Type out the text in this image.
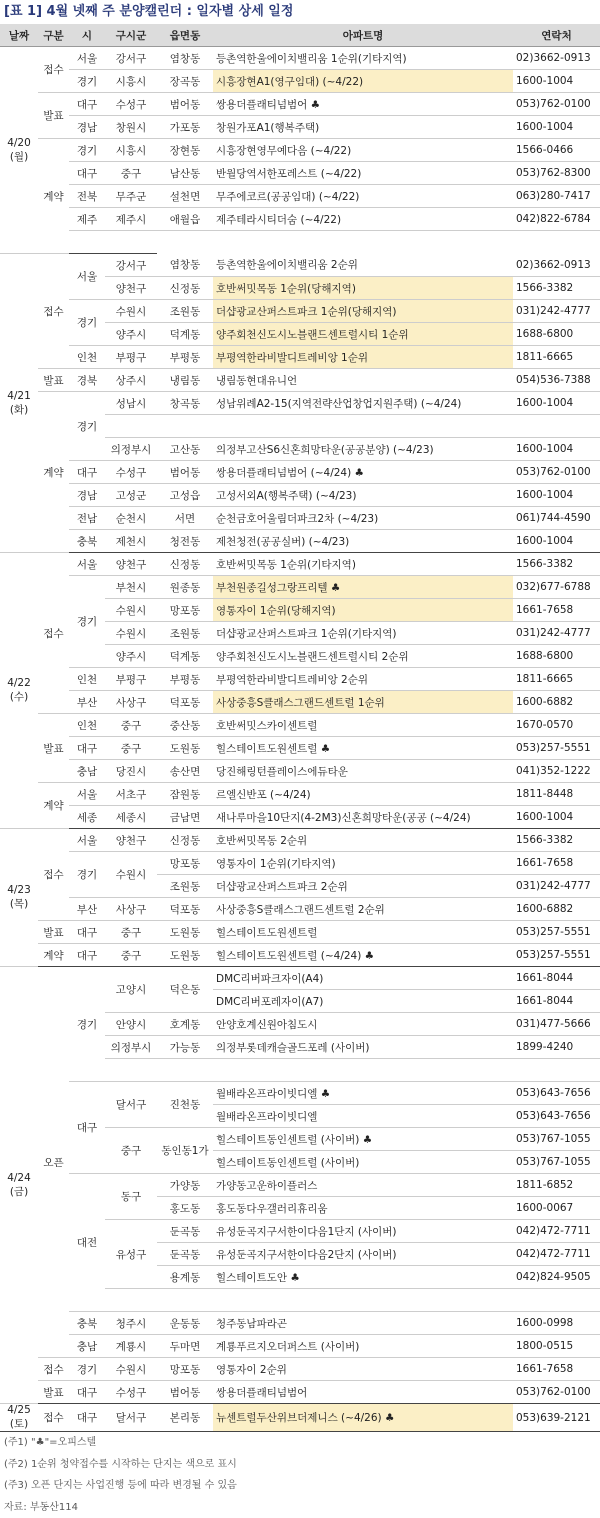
[표 1] 4월 넷째 주 분양캘린더 : 일자별 상세 일정
날짜	구분	시	구시군	읍면동	아파트명	연락처
4/20
(월)	접수	서울	강서구	염창동	등촌역한울에이치밸리움 1순위(기타지역)	02)3662-0913
		경기	시흥시	장곡동	시흥장현A1(영구임대) (~4/22)	1600-1004
	발표	대구	수성구	범어동	쌍용더플래티넘범어 ♣	053)762-0100
		경남	창원시	가포동	창원가포A1(행복주택)	1600-1004
	계약	경기	시흥시	장현동	시흥장현영무예다음 (~4/22)	1566-0466
		대구	중구	남산동	반월당역서한포레스트 (~4/22)	053)762-8300
		전북	무주군	설천면	무주에코르(공공임대) (~4/22)	063)280-7417
		제주	제주시	애월읍	제주테라시티더숨 (~4/22)	042)822-6784

4/21
(화)	접수	서울	강서구	염창동	등촌역한울에이치밸리움 2순위	02)3662-0913
			양천구	신정동	호반써밋목동 1순위(당해지역)	1566-3382
		경기	수원시	조원동	더샵광교산퍼스트파크 1순위(당해지역)	031)242-4777
			양주시	덕계동	양주회천신도시노블랜드센트럴시티 1순위	1688-6800
		인천	부평구	부평동	부평역한라비발디트레비앙 1순위	1811-6665
	발표	경북	상주시	냉림동	냉림동현대유니언	054)536-7388
	계약	경기	성남시	창곡동	성남위례A2-15(지역전략산업창업지원주택) (~4/24)	1600-1004

			의정부시	고산동	의정부고산S6신혼희망타운(공공분양) (~4/23)	1600-1004
		대구	수성구	범어동	쌍용더플래티넘범어 (~4/24) ♣	053)762-0100
		경남	고성군	고성읍	고성서외A(행복주택) (~4/23)	1600-1004
		전남	순천시	서면	순천금호어울림더파크2차 (~4/23)	061)744-4590
		충북	제천시	청전동	제천청전(공공실버) (~4/23)	1600-1004
4/22
(수)	접수	서울	양천구	신정동	호반써밋목동 1순위(기타지역)	1566-3382
		경기	부천시	원종동	부천원종길성그랑프리텔 ♣	032)677-6788
			수원시	망포동	영통자이 1순위(당해지역)	1661-7658
			수원시	조원동	더샵광교산퍼스트파크 1순위(기타지역)	031)242-4777
			양주시	덕계동	양주회천신도시노블랜드센트럴시티 2순위	1688-6800
		인천	부평구	부평동	부평역한라비발디트레비앙 2순위	1811-6665
		부산	사상구	덕포동	사상중흥S클래스그랜드센트럴 1순위	1600-6882
	발표	인천	중구	중산동	호반써밋스카이센트럴	1670-0570
		대구	중구	도원동	힐스테이트도원센트럴 ♣	053)257-5551
		충남	당진시	송산면	당진해링턴플레이스에듀타운	041)352-1222
	계약	서울	서초구	잠원동	르엘신반포 (~4/24)	1811-8448
		세종	세종시	금남면	새나루마을10단지(4-2M3)신혼희망타운(공공 (~4/24)	1600-1004
4/23
(목)	접수	서울	양천구	신정동	호반써밋목동 2순위	1566-3382
		경기	수원시	망포동	영통자이 1순위(기타지역)	1661-7658
				조원동	더샵광교산퍼스트파크 2순위	031)242-4777
		부산	사상구	덕포동	사상중흥S클래스그랜드센트럴 2순위	1600-6882
	발표	대구	중구	도원동	힐스테이트도원센트럴	053)257-5551
	계약	대구	중구	도원동	힐스테이트도원센트럴 (~4/24) ♣	053)257-5551
4/24
(금)	오픈	경기	고양시	덕은동	DMC리버파크자이(A4)	1661-8044
					DMC리버포레자이(A7)	1661-8044
			안양시	호계동	안양호계신원아침도시	031)477-5666
			의정부시	가능동	의정부롯데캐슬골드포레 (사이버)	1899-4240

		대구	달서구	진천동	월배라온프라이빗디엘 ♣	053)643-7656
					월배라온프라이빗디엘	053)643-7656
			중구	동인동1가	힐스테이트동인센트럴 (사이버) ♣	053)767-1055
					힐스테이트동인센트럴 (사이버)	053)767-1055
		대전	동구	가양동	가양동고운하이플러스	1811-6852
				홍도동	홍도동다우갤러리휴리움	1600-0067
			유성구	둔곡동	유성둔곡지구서한이다음1단지 (사이버)	042)472-7711
				둔곡동	유성둔곡지구서한이다음2단지 (사이버)	042)472-7711
				용계동	힐스테이트도안 ♣	042)824-9505

		충북	청주시	운동동	청주동남파라곤	1600-0998
		충남	계룡시	두마면	계룡푸르지오더퍼스트 (사이버)	1800-0515
	접수	경기	수원시	망포동	영통자이 2순위	1661-7658
	발표	대구	수성구	범어동	쌍용더플래티넘범어	053)762-0100
4/25
(토)	접수	대구	달서구	본리동	뉴센트럴두산위브더제니스 (~4/26) ♣	053)639-2121
(주1) "♣"=오피스텔
(주2) 1순위 청약접수를 시작하는 단지는 색으로 표시
(주3) 오픈 단지는 사업진행 등에 따라 변경될 수 있음
자료: 부동산114
